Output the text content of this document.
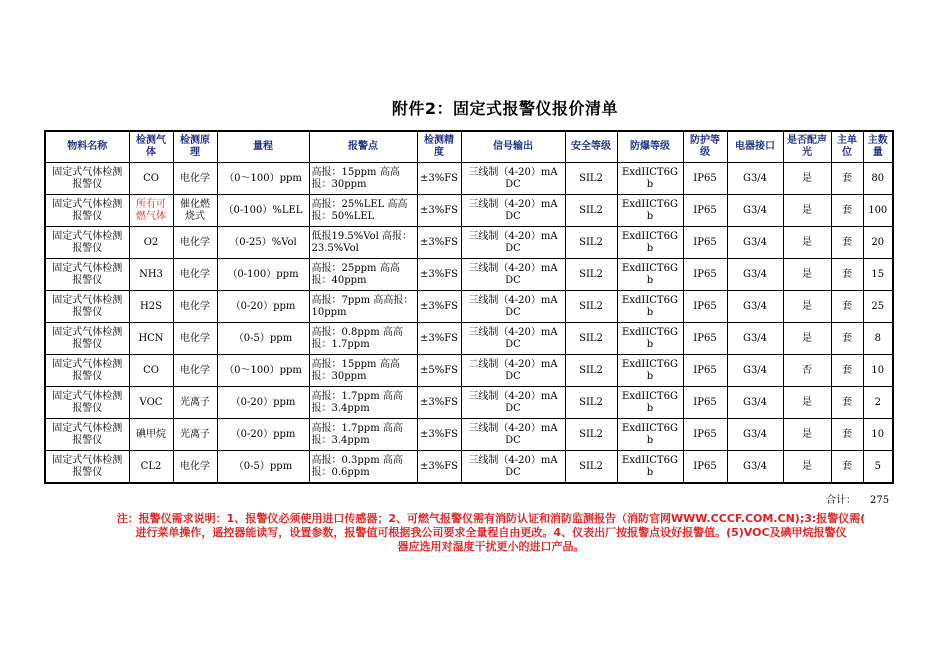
附件2：固定式报警仪报价清单
物料名称	检测气体	检测原理	量程	报警点	检测精度	信号输出	安全等级	防爆等级	防护等级	电器接口	是否配声光	主单位	主数量
固定式气体检测报警仪	CO	电化学	（0～100）ppm	高报：15ppm 高高报：30ppm	±3%FS	三线制（4-20）mA DC	SIL2	ExdIICT6Gb	IP65	G3/4	是	套	80
固定式气体检测报警仪	所有可燃气体	催化燃烧式	（0-100）%LEL	高报：25%LEL 高高报：50%LEL	±3%FS	三线制（4-20）mA DC	SIL2	ExdIICT6Gb	IP65	G3/4	是	套	100
固定式气体检测报警仪	O2	电化学	（0-25）%Vol	低报19.5%Vol 高报：23.5%Vol	±3%FS	三线制（4-20）mA DC	SIL2	ExdIICT6Gb	IP65	G3/4	是	套	20
固定式气体检测报警仪	NH3	电化学	（0-100）ppm	高报：25ppm 高高报：40ppm	±3%FS	三线制（4-20）mA DC	SIL2	ExdIICT6Gb	IP65	G3/4	是	套	15
固定式气体检测报警仪	H2S	电化学	（0-20）ppm	高报：7ppm 高高报：10ppm	±3%FS	三线制（4-20）mA DC	SIL2	ExdIICT6Gb	IP65	G3/4	是	套	25
固定式气体检测报警仪	HCN	电化学	（0-5）ppm	高报：0.8ppm 高高报：1.7ppm	±3%FS	三线制（4-20）mA DC	SIL2	ExdIICT6Gb	IP65	G3/4	是	套	8
固定式气体检测报警仪	CO	电化学	（0～100）ppm	高报：15ppm 高高报：30ppm	±5%FS	二线制（4-20）mA DC	SIL2	ExdIICT6Gb	IP65	G3/4	否	套	10
固定式气体检测报警仪	VOC	光离子	（0-20）ppm	高报：1.7ppm 高高报：3.4ppm	±3%FS	三线制（4-20）mA DC	SIL2	ExdIICT6Gb	IP65	G3/4	是	套	2
固定式气体检测报警仪	碘甲烷	光离子	（0-20）ppm	高报：1.7ppm 高高报：3.4ppm	±3%FS	三线制（4-20）mA DC	SIL2	ExdIICT6Gb	IP65	G3/4	是	套	10
固定式气体检测报警仪	CL2	电化学	（0-5）ppm	高报：0.3ppm 高高报：0.6ppm	±3%FS	三线制（4-20）mA DC	SIL2	ExdIICT6Gb	IP65	G3/4	是	套	5
合计： 275
注：报警仪需求说明：1、报警仪必须使用进口传感器；2、可燃气报警仪需有消防认证和消防监测报告（消防官网WWW.CCCF.COM.CN);3:报警仪需(
进行菜单操作，遥控器能读写，设置参数，报警值可根据我公司要求全量程自由更改。4、仪表出厂按报警点设好报警值。(5)VOC及碘甲烷报警仪
器应选用对湿度干扰更小的进口产品。
